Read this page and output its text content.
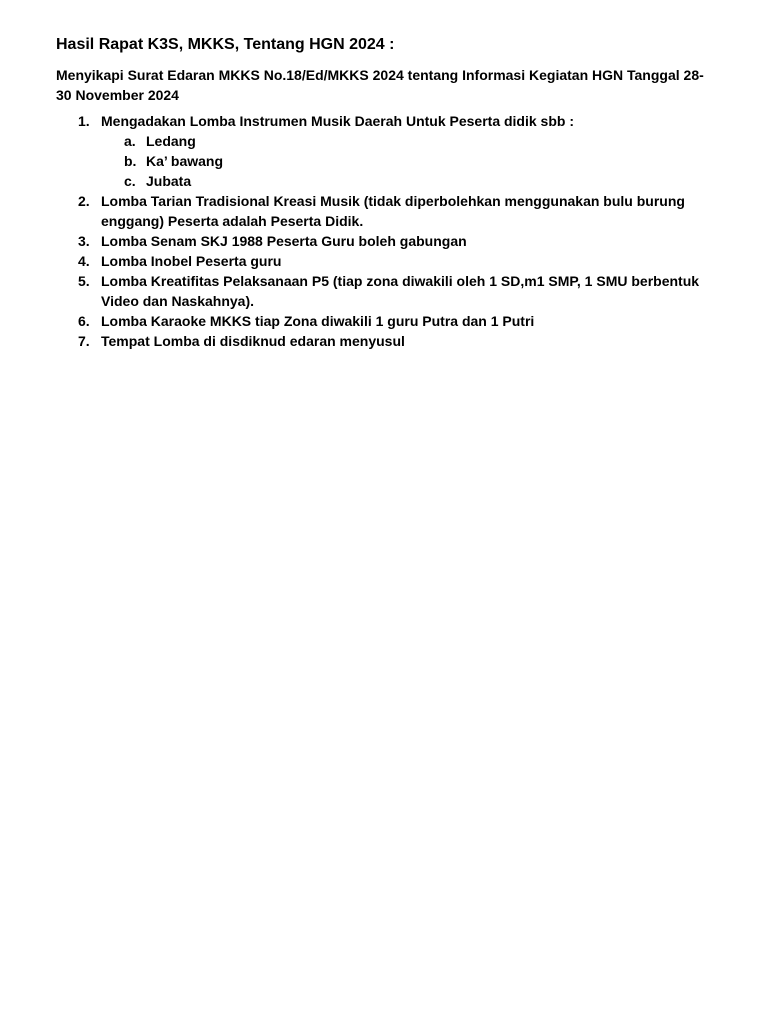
Hasil Rapat K3S, MKKS, Tentang HGN 2024 :
Menyikapi Surat Edaran MKKS No.18/Ed/MKKS 2024 tentang Informasi Kegiatan HGN Tanggal 28-30 November 2024
1. Mengadakan Lomba Instrumen Musik Daerah Untuk Peserta didik sbb :
a. Ledang
b. Ka’ bawang
c. Jubata
2. Lomba Tarian Tradisional Kreasi Musik (tidak diperbolehkan menggunakan bulu burung enggang) Peserta adalah Peserta Didik.
3. Lomba Senam SKJ 1988 Peserta Guru boleh gabungan
4. Lomba Inobel Peserta guru
5. Lomba Kreatifitas Pelaksanaan P5 (tiap zona diwakili oleh 1 SD,m1 SMP, 1 SMU berbentuk Video dan Naskahnya).
6. Lomba Karaoke MKKS tiap Zona diwakili 1 guru Putra dan 1 Putri
7. Tempat Lomba di disdiknud edaran menyusul
